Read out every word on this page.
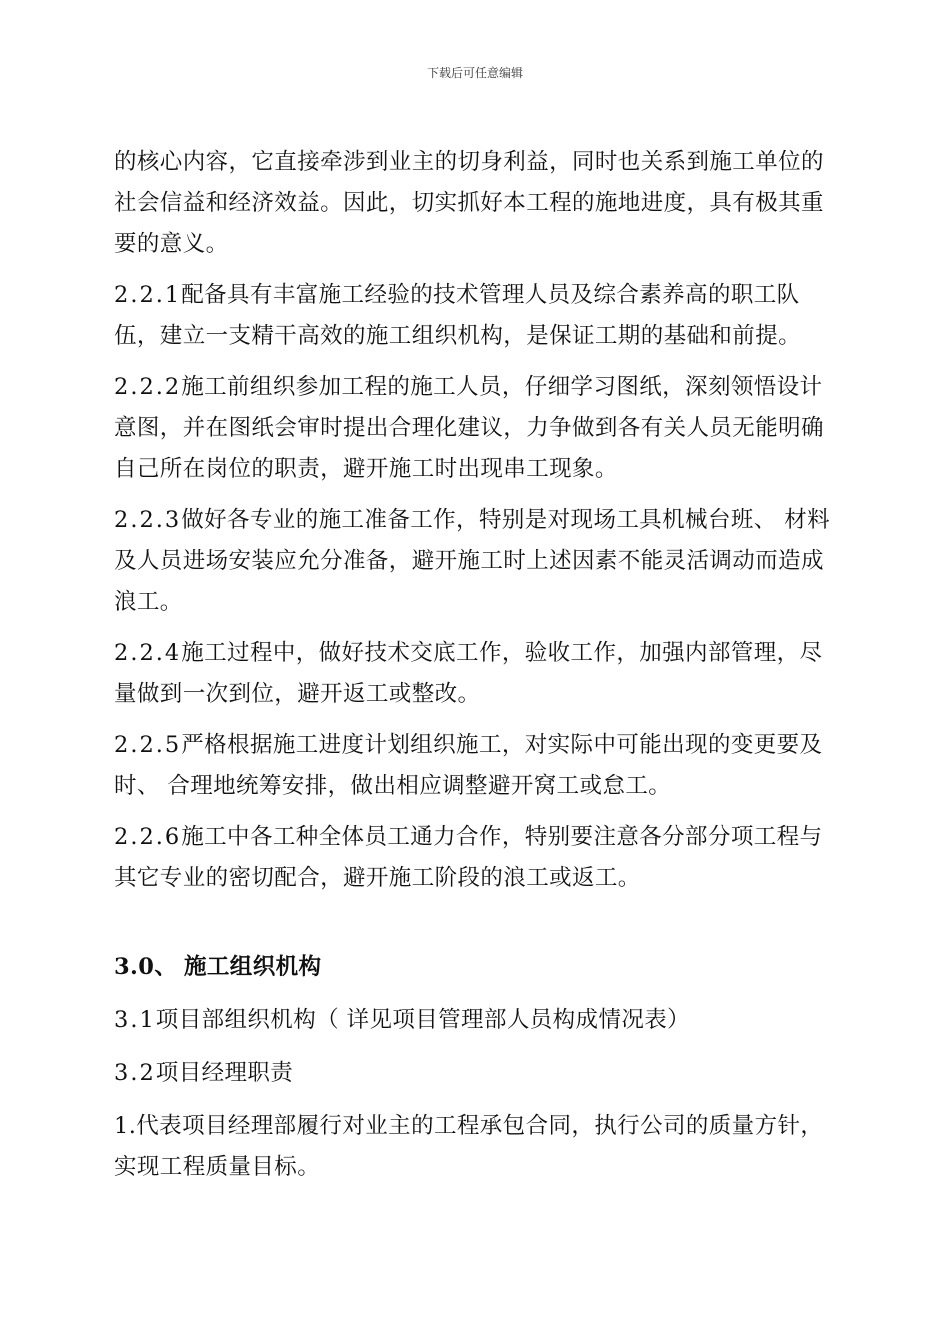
下载后可任意编辑

的核心内容，它直接牵涉到业主的切身利益，同时也关系到施工单位的社会信益和经济效益。因此，切实抓好本工程的施地进度，具有极其重要的意义。

2.2.1配备具有丰富施工经验的技术管理人员及综合素养高的职工队伍，建立一支精干高效的施工组织机构，是保证工期的基础和前提。

2.2.2施工前组织参加工程的施工人员，仔细学习图纸，深刻领悟设计意图，并在图纸会审时提出合理化建议，力争做到各有关人员无能明确自己所在岗位的职责，避开施工时出现串工现象。

2.2.3做好各专业的施工准备工作，特别是对现场工具机械台班、 材料及人员进场安装应允分准备，避开施工时上述因素不能灵活调动而造成浪工。

2.2.4施工过程中，做好技术交底工作，验收工作，加强内部管理，尽量做到一次到位，避开返工或整改。

2.2.5严格根据施工进度计划组织施工，对实际中可能出现的变更要及时、 合理地统筹安排，做出相应调整避开窝工或怠工。

2.2.6施工中各工种全体员工通力合作，特别要注意各分部分项工程与其它专业的密切配合，避开施工阶段的浪工或返工。

3.0、 施工组织机构

3.1项目部组织机构（ 详见项目管理部人员构成情况表）

3.2项目经理职责

1.代表项目经理部履行对业主的工程承包合同，执行公司的质量方针，实现工程质量目标。
